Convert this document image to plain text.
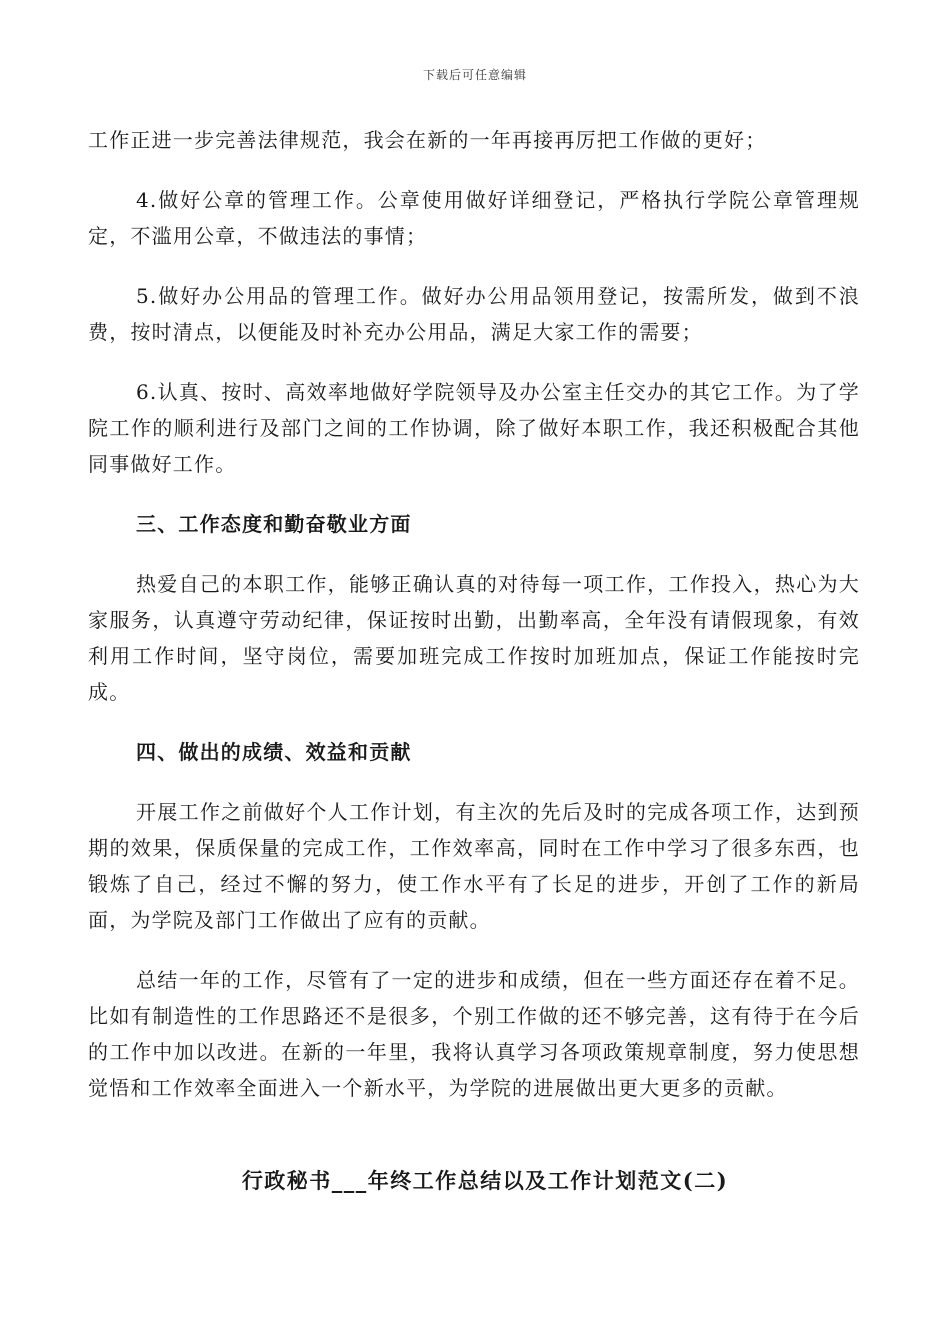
下载后可任意编辑

工作正进一步完善法律规范，我会在新的一年再接再厉把工作做的更好；

4.做好公章的管理工作。公章使用做好详细登记，严格执行学院公章管理规定，不滥用公章，不做违法的事情；

5.做好办公用品的管理工作。做好办公用品领用登记，按需所发，做到不浪费，按时清点，以便能及时补充办公用品，满足大家工作的需要；

6.认真、按时、高效率地做好学院领导及办公室主任交办的其它工作。为了学院工作的顺利进行及部门之间的工作协调，除了做好本职工作，我还积极配合其他同事做好工作。

三、工作态度和勤奋敬业方面

热爱自己的本职工作，能够正确认真的对待每一项工作，工作投入，热心为大家服务，认真遵守劳动纪律，保证按时出勤，出勤率高，全年没有请假现象，有效利用工作时间，坚守岗位，需要加班完成工作按时加班加点，保证工作能按时完成。

四、做出的成绩、效益和贡献

开展工作之前做好个人工作计划，有主次的先后及时的完成各项工作，达到预期的效果，保质保量的完成工作，工作效率高，同时在工作中学习了很多东西，也锻炼了自己，经过不懈的努力，使工作水平有了长足的进步，开创了工作的新局面，为学院及部门工作做出了应有的贡献。

总结一年的工作，尽管有了一定的进步和成绩，但在一些方面还存在着不足。比如有制造性的工作思路还不是很多，个别工作做的还不够完善，这有待于在今后的工作中加以改进。在新的一年里，我将认真学习各项政策规章制度，努力使思想觉悟和工作效率全面进入一个新水平，为学院的进展做出更大更多的贡献。

行政秘书___年终工作总结以及工作计划范文(二)
